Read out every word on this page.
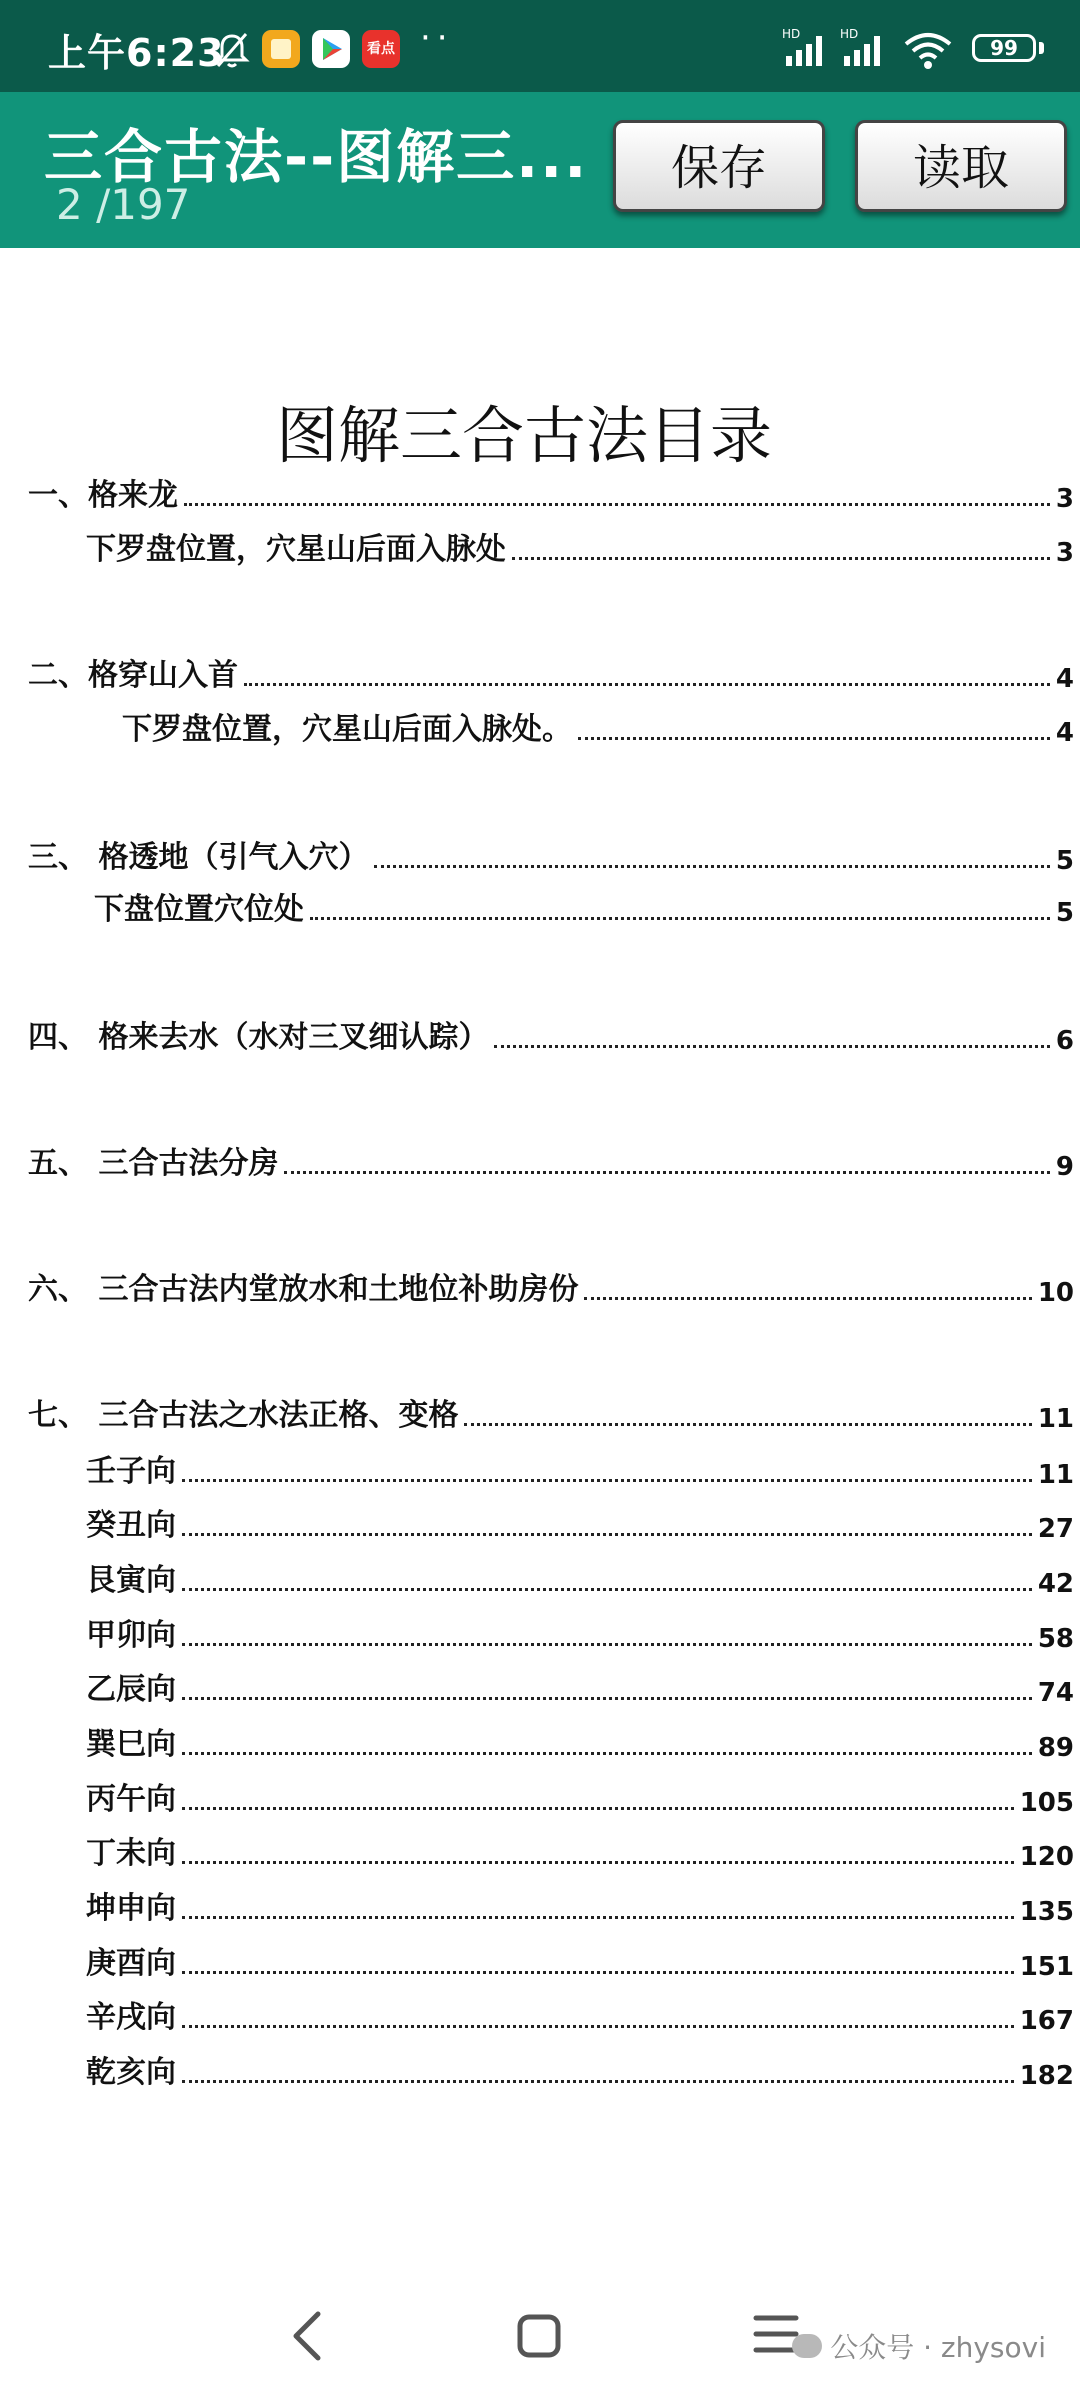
上午6:23	看点 ··	HD	HD
99
三合古法--图解三...
2 /197
保存	读取
图解三合古法目录
一、格来龙	3
下罗盘位置，穴星山后面入脉处	3
二、格穿山入首	4
下罗盘位置，穴星山后面入脉处。	4
三、 格透地（引气入穴）	5
下盘位置穴位处	5
四、 格来去水（水对三叉细认踪）	6
五、 三合古法分房	9
六、 三合古法内堂放水和土地位补助房份	10
七、 三合古法之水法正格、变格	11
壬子向	11
癸丑向	27
艮寅向	42
甲卯向	58
乙辰向	74
巽巳向	89
丙午向	105
丁未向	120
坤申向	135
庚酉向	151
辛戌向	167
乾亥向	182
公众号 · zhysovi
